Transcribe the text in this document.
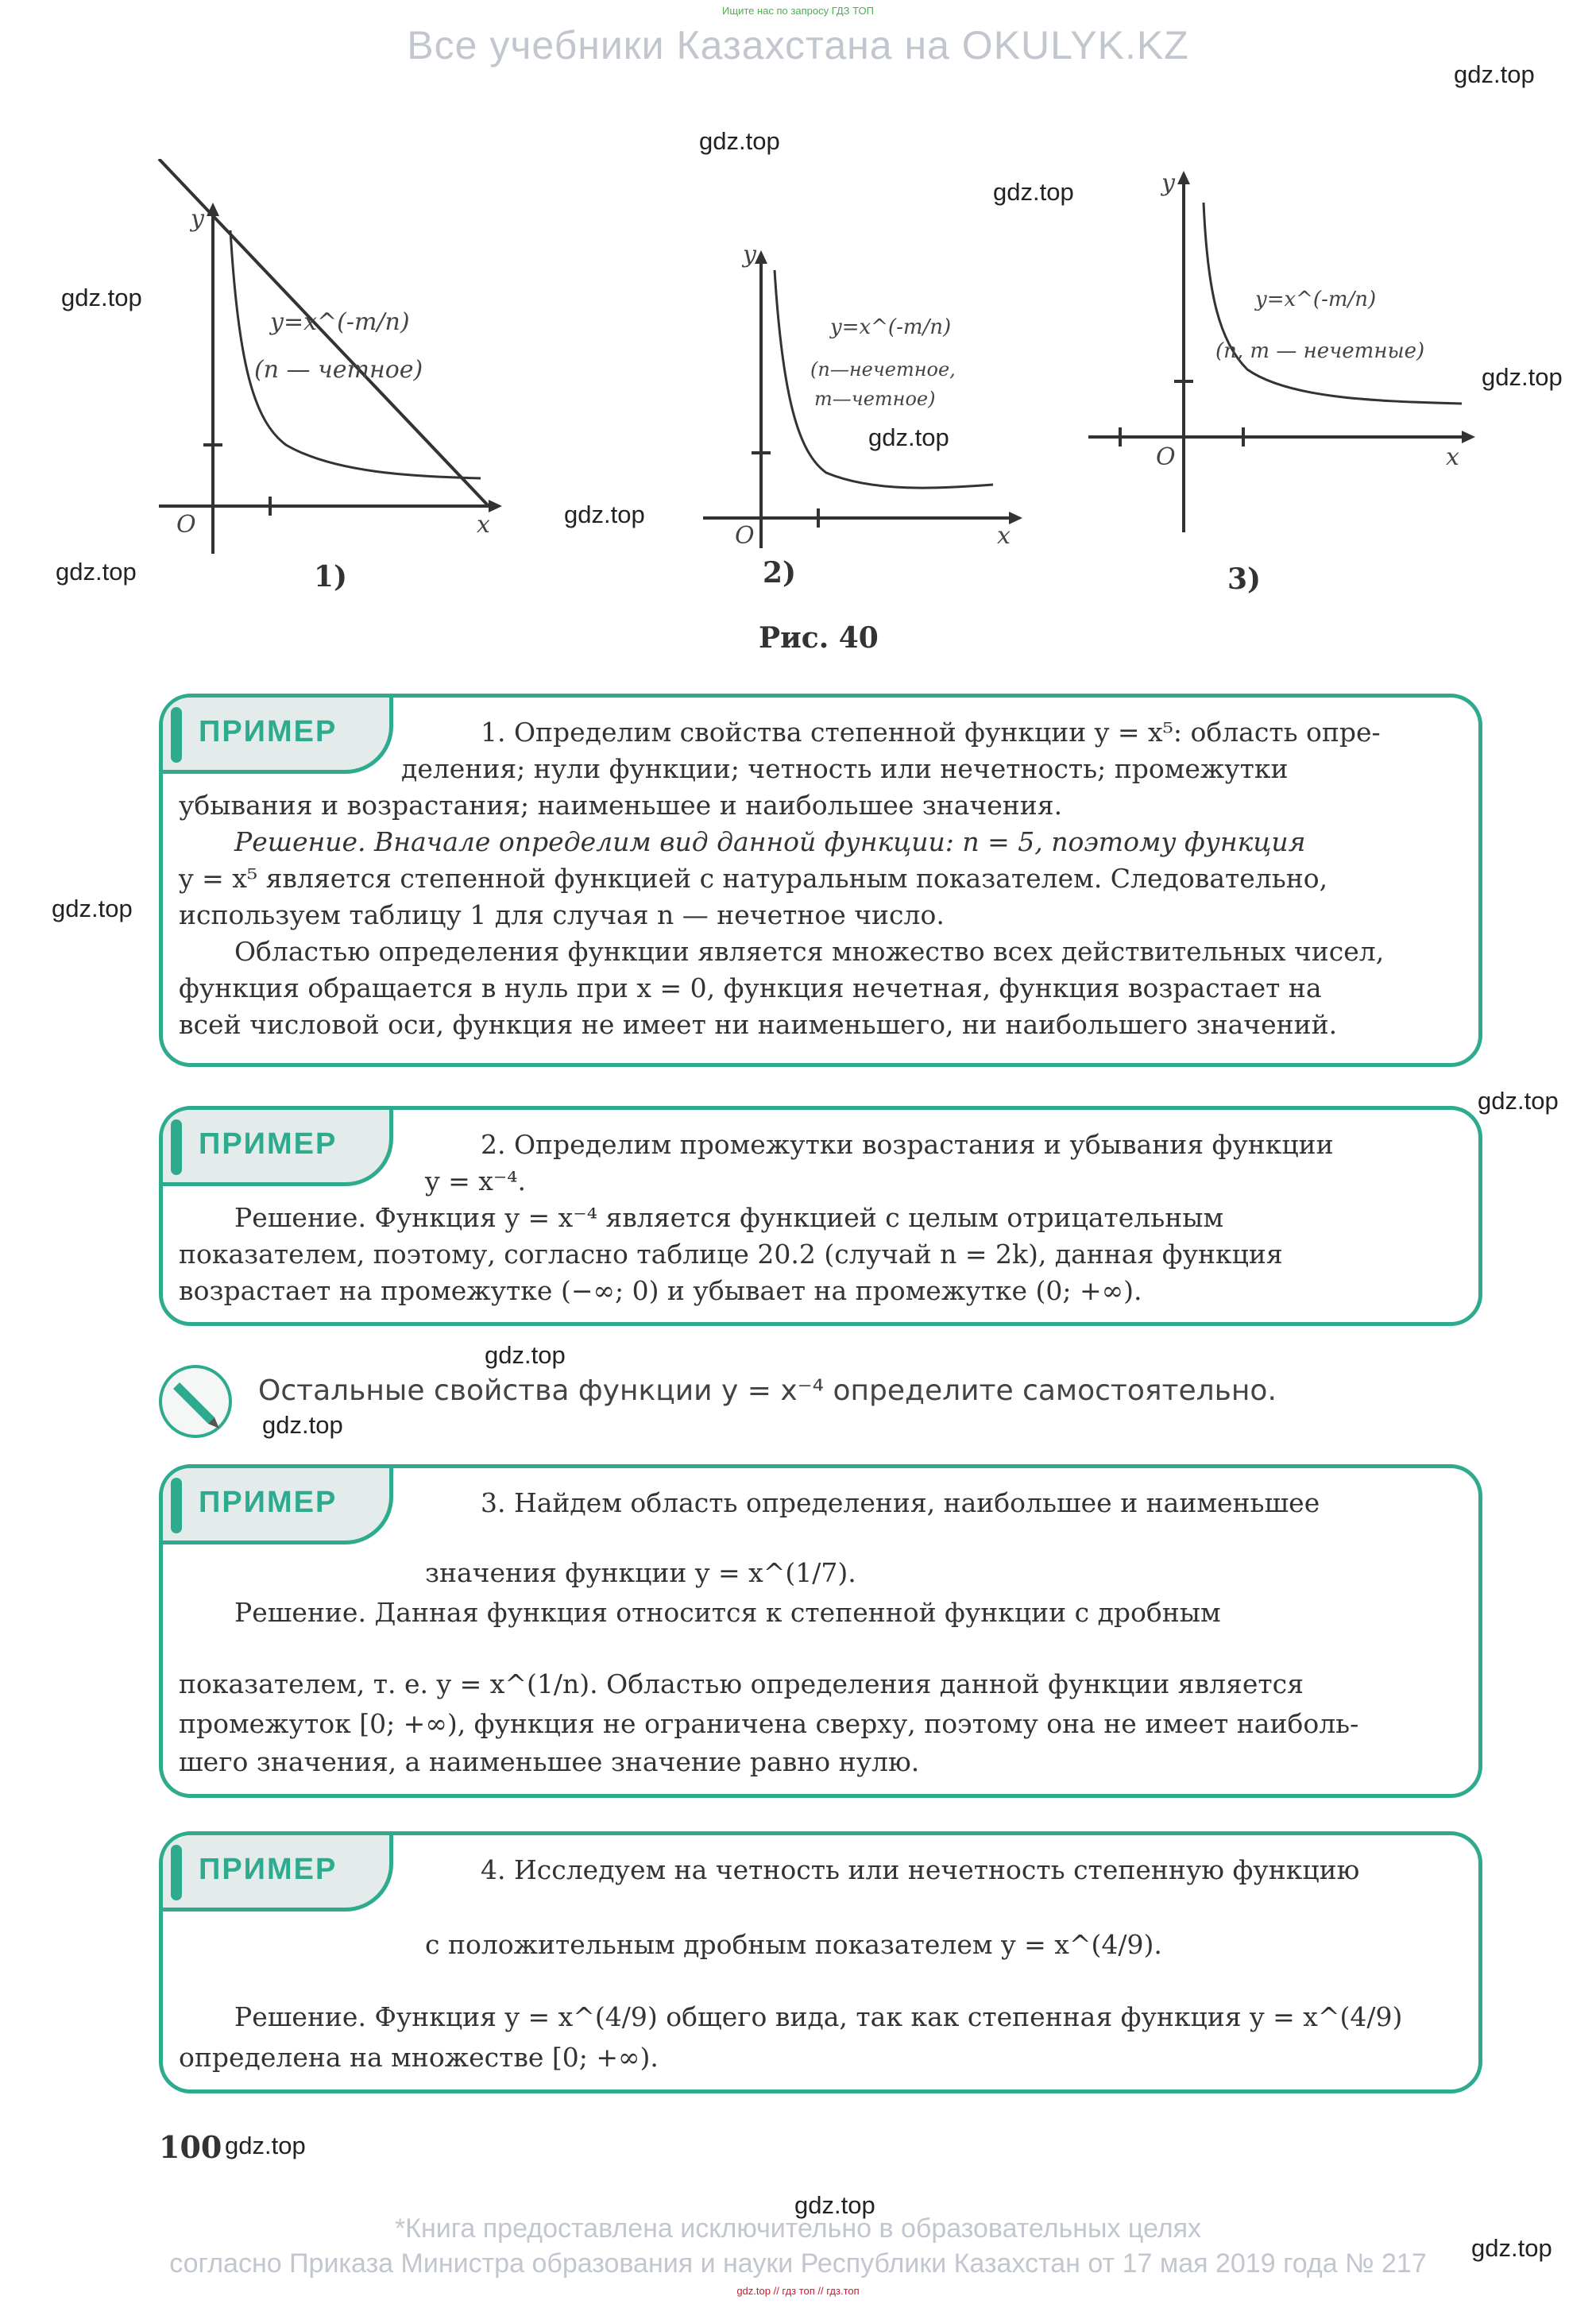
Ищите нас по запросу ГДЗ ТОП
Все учебники Казахстана на OKULYK.KZ
gdz.top
gdz.top
gdz.top
gdz.top
gdz.top
gdz.top
gdz.top
gdz.top
gdz.top
gdz.top
gdz.top
gdz.top
gdz.top
gdz.top
gdz.top
y
x
O
y=x^(-m/n)
(n — четное)
y
x
O
y=x^(-m/n)
(n—нечетное,
m—четное)
y
x
O
y=x^(-m/n)
(n, m — нечетные)
1)	2)	3)
Рис. 40
ПРИМЕР	1. Определим свойства степенной функции y = x⁵: область опре-
деления; нули функции; четность или нечетность; промежутки
убывания и возрастания; наименьшее и наибольшее значения.
Решение. Вначале определим вид данной функции: n = 5, поэтому функция
y = x⁵ является степенной функцией с натуральным показателем. Следовательно,
используем таблицу 1 для случая n — нечетное число.
Областью определения функции является множество всех действительных чисел,
функция обращается в нуль при x = 0, функция нечетная, функция возрастает на
всей числовой оси, функция не имеет ни наименьшего, ни наибольшего значений.
ПРИМЕР	2. Определим промежутки возрастания и убывания функции
y = x⁻⁴.
Решение. Функция y = x⁻⁴ является функцией с целым отрицательным
показателем, поэтому, согласно таблице 20.2 (случай n = 2k), данная функция
возрастает на промежутке (−∞; 0) и убывает на промежутке (0; +∞).
Остальные свойства функции y = x⁻⁴ определите самостоятельно.
ПРИМЕР	3. Найдем область определения, наибольшее и наименьшее
значения функции y = x^(1/7).
Решение. Данная функция относится к степенной функции с дробным
показателем, т. е. y = x^(1/n). Областью определения данной функции является
промежуток [0; +∞), функция не ограничена сверху, поэтому она не имеет наиболь-
шего значения, а наименьшее значение равно нулю.
ПРИМЕР	4. Исследуем на четность или нечетность степенную функцию
с положительным дробным показателем y = x^(4/9).
Решение. Функция y = x^(4/9) общего вида, так как степенная функция y = x^(4/9)
определена на множестве [0; +∞).
100
*Книга предоставлена исключительно в образовательных целях
согласно Приказа Министра образования и науки Республики Казахстан от 17 мая 2019 года № 217
gdz.top // гдз топ // гдз.топ
